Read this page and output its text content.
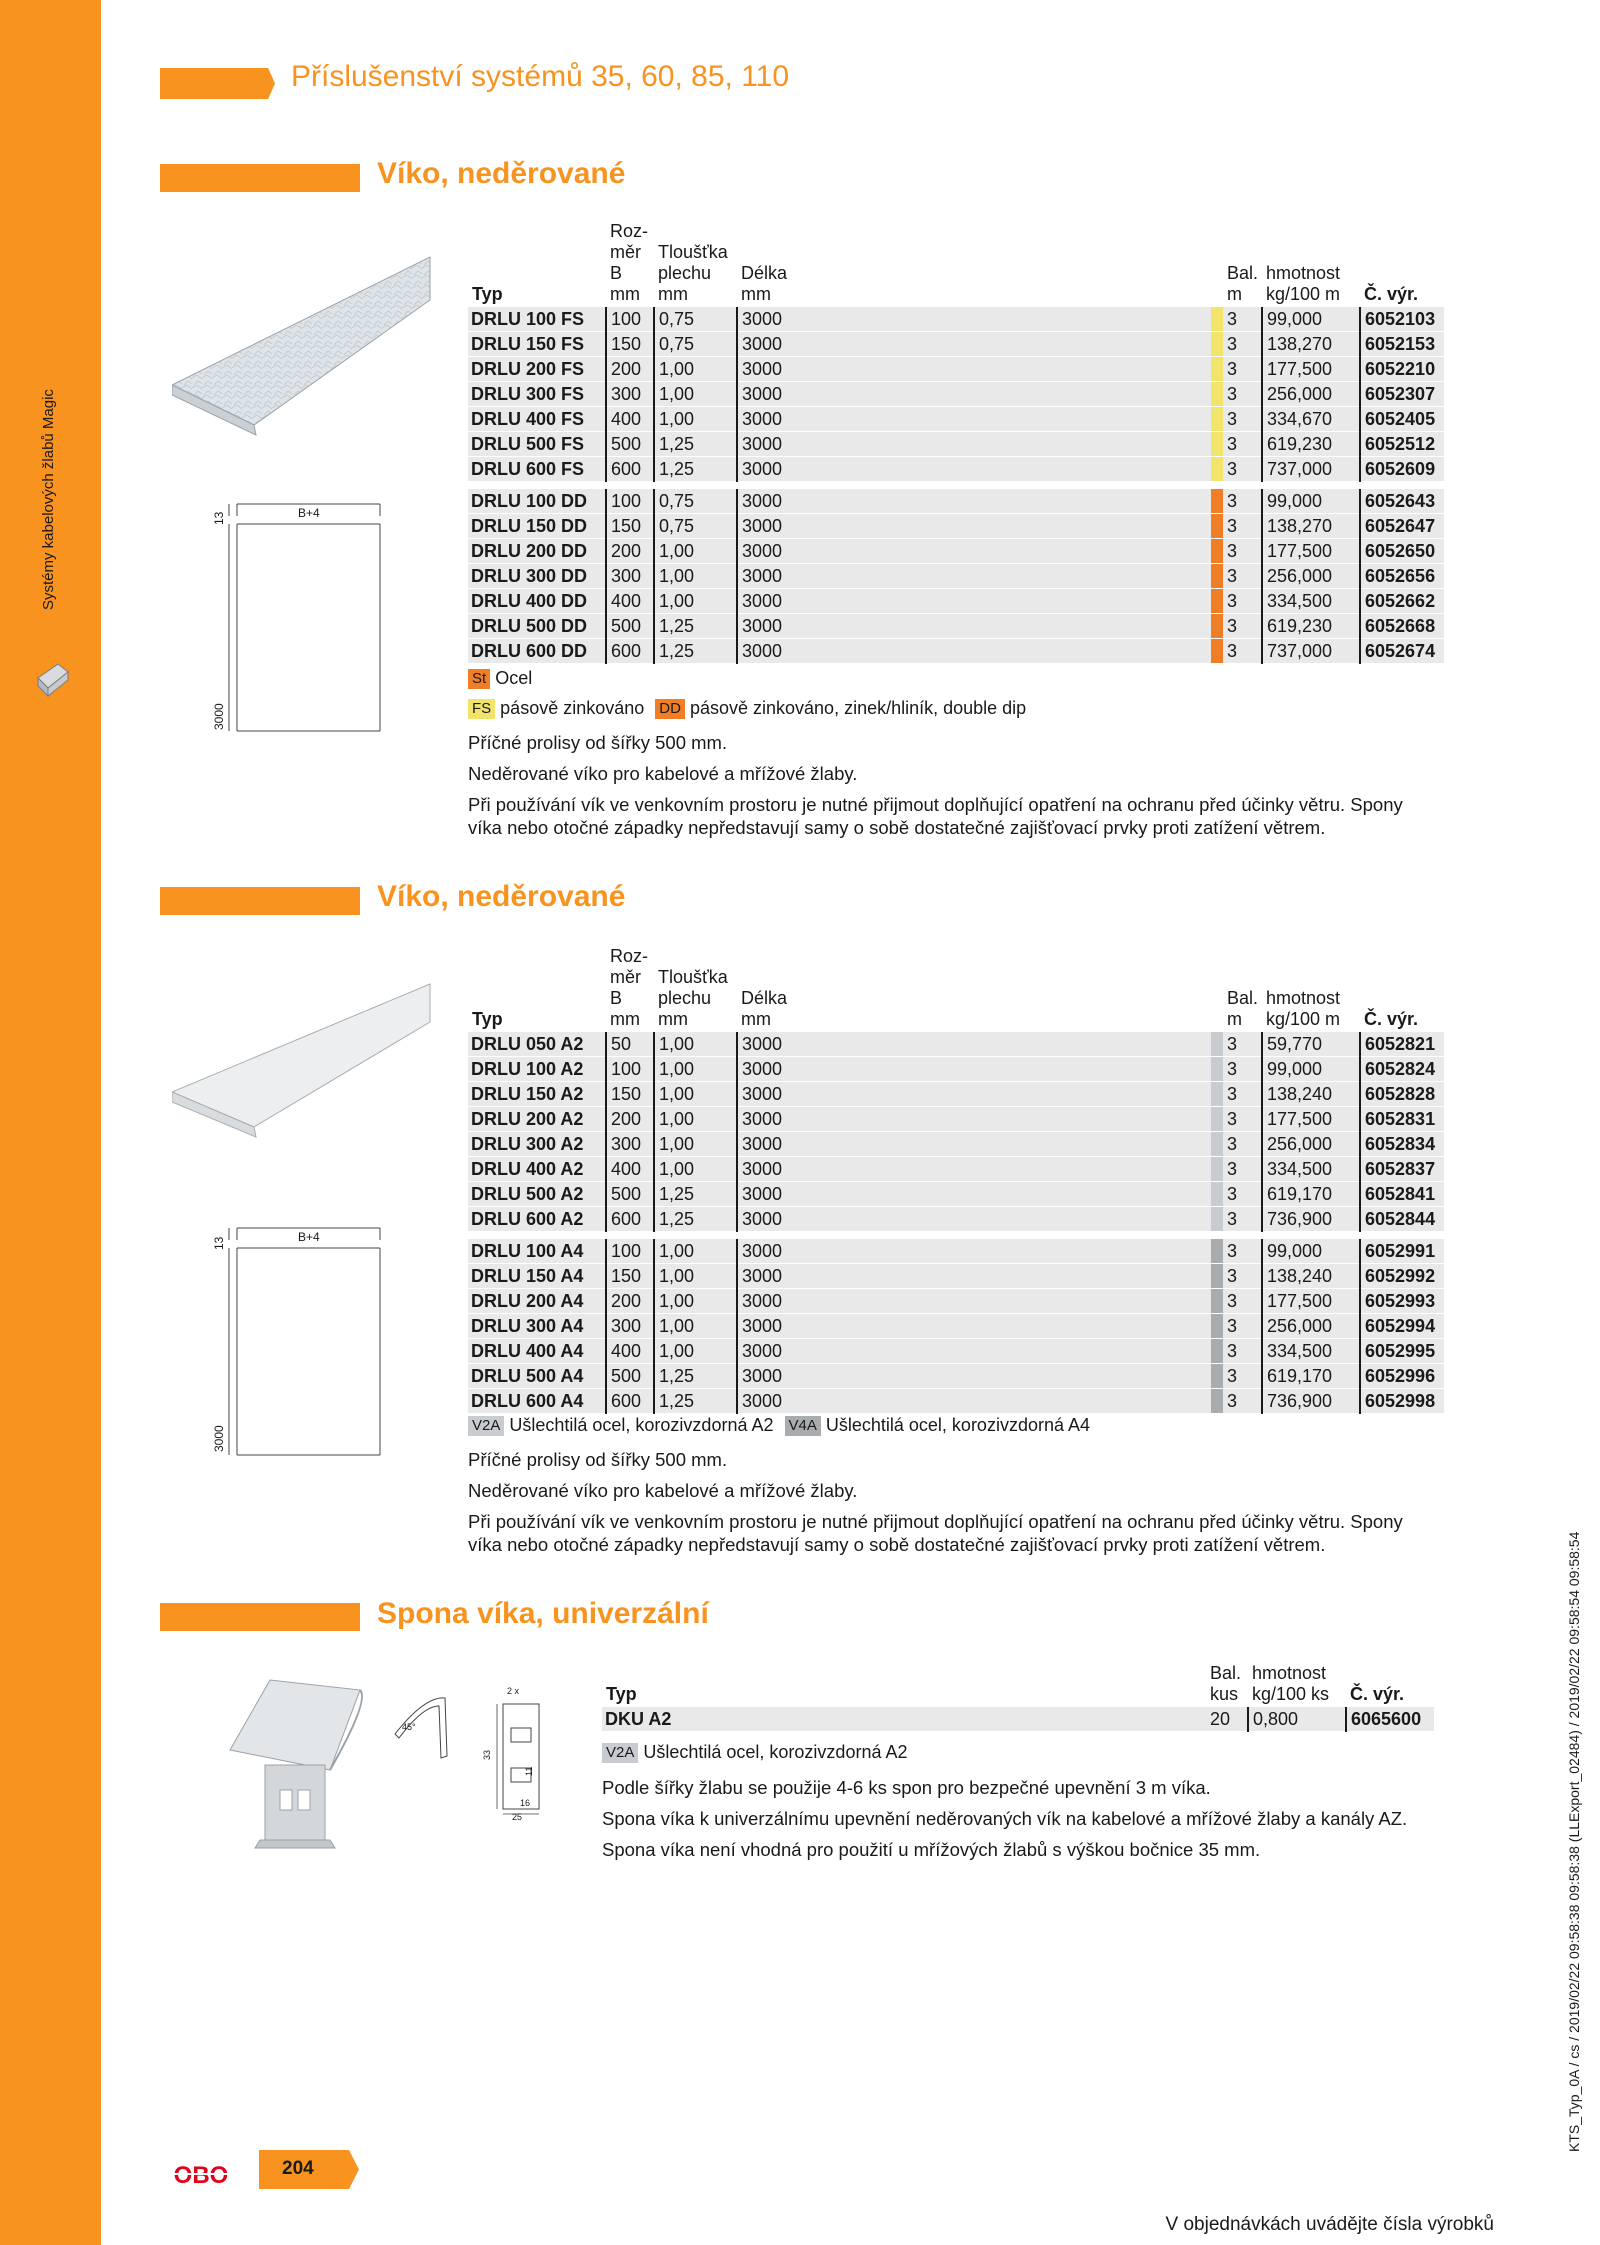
Systémy kabelových žlabů Magic
Příslušenství systémů 35, 60, 85, 110
Víko, neděrované
13	B+4
3000
Typ	Roz-
měr
B
mm	Tloušťka
plechu
mm	Délka
mm		Bal.
m	hmotnost
kg/100 m	Č. výr.
DRLU 100 FS	100	0,75	3000		3	99,000	6052103
DRLU 150 FS	150	0,75	3000		3	138,270	6052153
DRLU 200 FS	200	1,00	3000		3	177,500	6052210
DRLU 300 FS	300	1,00	3000		3	256,000	6052307
DRLU 400 FS	400	1,00	3000		3	334,670	6052405
DRLU 500 FS	500	1,25	3000		3	619,230	6052512
DRLU 600 FS	600	1,25	3000		3	737,000	6052609

DRLU 100 DD	100	0,75	3000		3	99,000	6052643
DRLU 150 DD	150	0,75	3000		3	138,270	6052647
DRLU 200 DD	200	1,00	3000		3	177,500	6052650
DRLU 300 DD	300	1,00	3000		3	256,000	6052656
DRLU 400 DD	400	1,00	3000		3	334,500	6052662
DRLU 500 DD	500	1,25	3000		3	619,230	6052668
DRLU 600 DD	600	1,25	3000		3	737,000	6052674
St Ocel
FS pásově zinkováno DD pásově zinkováno, zinek/hliník, double dip

Příčné prolisy od šířky 500 mm.

Neděrované víko pro kabelové a mřížové žlaby.

Při používání vík ve venkovním prostoru je nutné přijmout doplňující opatření na ochranu před účinky větru. Spony víka nebo otočné západky nepředstavují samy o sobě dostatečné zajišťovací prvky proti zatížení větrem.

Víko, neděrované
13	B+4
3000
Typ	Roz-
měr
B
mm	Tloušťka
plechu
mm	Délka
mm		Bal.
m	hmotnost
kg/100 m	Č. výr.
DRLU 050 A2	50	1,00	3000		3	59,770	6052821
DRLU 100 A2	100	1,00	3000		3	99,000	6052824
DRLU 150 A2	150	1,00	3000		3	138,240	6052828
DRLU 200 A2	200	1,00	3000		3	177,500	6052831
DRLU 300 A2	300	1,00	3000		3	256,000	6052834
DRLU 400 A2	400	1,00	3000		3	334,500	6052837
DRLU 500 A2	500	1,25	3000		3	619,170	6052841
DRLU 600 A2	600	1,25	3000		3	736,900	6052844

DRLU 100 A4	100	1,00	3000		3	99,000	6052991
DRLU 150 A4	150	1,00	3000		3	138,240	6052992
DRLU 200 A4	200	1,00	3000		3	177,500	6052993
DRLU 300 A4	300	1,00	3000		3	256,000	6052994
DRLU 400 A4	400	1,00	3000		3	334,500	6052995
DRLU 500 A4	500	1,25	3000		3	619,170	6052996
DRLU 600 A4	600	1,25	3000		3	736,900	6052998
V2A Ušlechtilá ocel, korozivzdorná A2 V4A Ušlechtilá ocel, korozivzdorná A4

Příčné prolisy od šířky 500 mm.

Neděrované víko pro kabelové a mřížové žlaby.

Při používání vík ve venkovním prostoru je nutné přijmout doplňující opatření na ochranu před účinky větru. Spony víka nebo otočné západky nepředstavují samy o sobě dostatečné zajišťovací prvky proti zatížení větrem.

Spona víka, univerzální
2 x
45°
33
25
11
16
Typ	Bal.
kus	hmotnost
kg/100 ks	Č. výr.
DKU A2	20	0,800	6065600
V2A Ušlechtilá ocel, korozivzdorná A2

Podle šířky žlabu se použije 4-6 ks spon pro bezpečné upevnění 3 m víka.

Spona víka k univerzálnímu upevnění neděrovaných vík na kabelové a mřížové žlaby a kanály AZ.

Spona víka není vhodná pro použití u mřížových žlabů s výškou bočnice 35 mm.

OBO	204
V objednávkách uvádějte čísla výrobků
KTS_Typ_0A / cs / 2019/02/22 09:58:38 09:58:38 (LLExport_02484) / 2019/02/22 09:58:54 09:58:54
